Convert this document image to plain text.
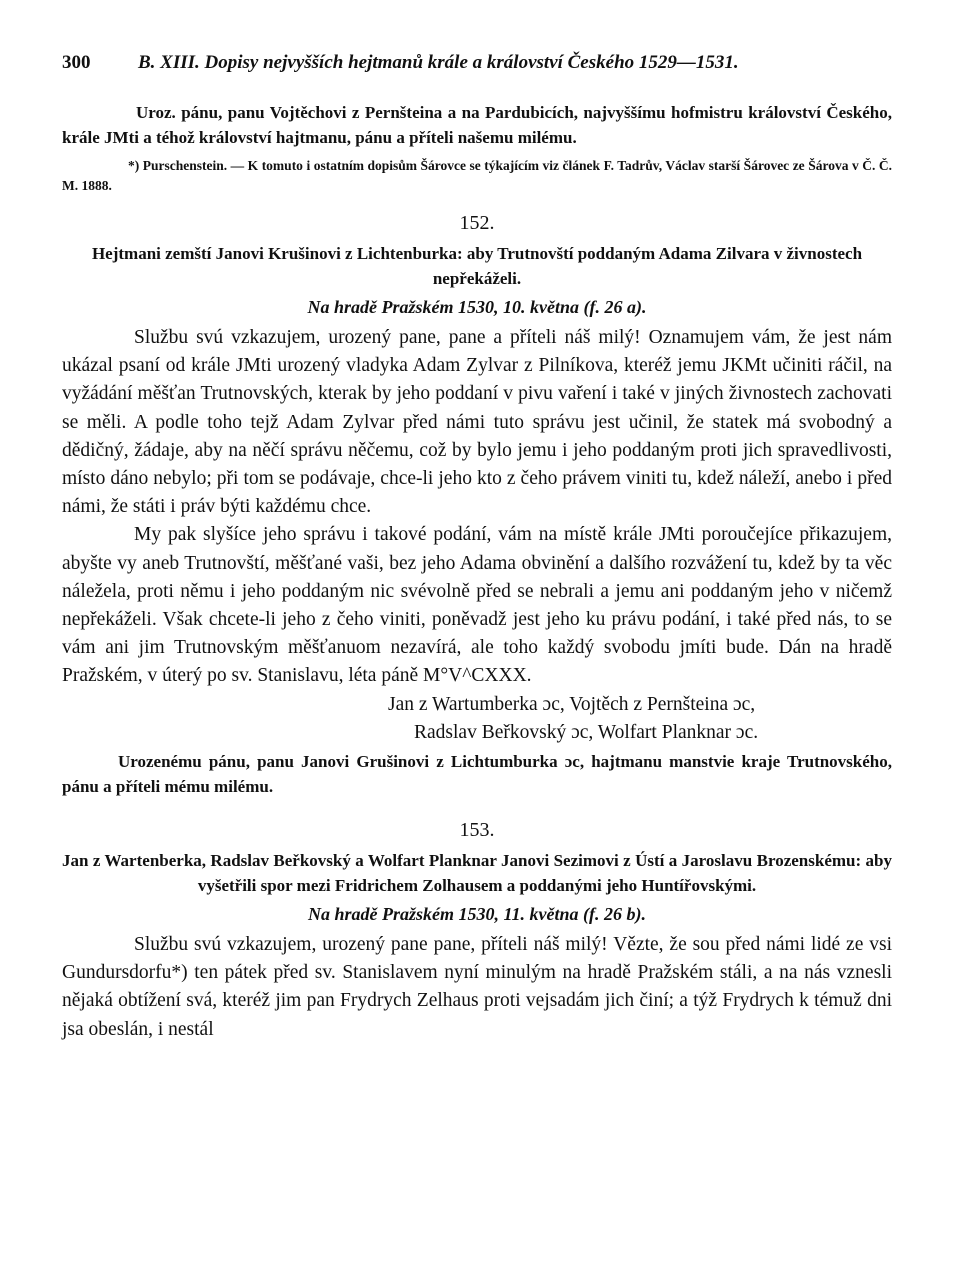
300	B. XIII. Dopisy nejvyšších hejtmanů krále a království Českého 1529—1531.

Uroz. pánu, panu Vojtěchovi z Pernšteina a na Pardubicích, najvyššímu hofmistru království Českého, krále JMti a téhož království hajtmanu, pánu a příteli našemu milému.

*) Purschenstein. — K tomuto i ostatním dopisům Šárovce se týkajícím viz článek F. Tadrův, Václav starší Šárovec ze Šárova v Č. Č. M. 1888.

152.

Hejtmani zemští Janovi Krušinovi z Lichtenburka: aby Trutnovští poddaným Adama Zilvara v živnostech nepřekáželi.

Na hradě Pražském 1530, 10. května (f. 26 a).

Službu svú vzkazujem, urozený pane, pane a příteli náš milý! Oznamujem vám, že jest nám ukázal psaní od krále JMti urozený vladyka Adam Zylvar z Pilníkova, kteréž jemu JKMt učiniti ráčil, na vyžádání měšťan Trutnovských, kterak by jeho poddaní v pivu vaření i také v jiných živnostech zachovati se měli. A podle toho tejž Adam Zylvar před námi tuto správu jest učinil, že statek má svobodný a dědičný, žádaje, aby na něčí správu něčemu, což by bylo jemu i jeho poddaným proti jich spravedlivosti, místo dáno nebylo; při tom se podávaje, chce-li jeho kto z čeho právem viniti tu, kdež náleží, anebo i před námi, že státi i práv býti každému chce.

My pak slyšíce jeho správu i takové podání, vám na místě krále JMti poroučejíce přikazujem, abyšte vy aneb Trutnovští, měšťané vaši, bez jeho Adama obvinění a dalšího rozvážení tu, kdež by ta věc náležela, proti němu i jeho poddaným nic svévolně před se nebrali a jemu ani poddaným jeho v ničemž nepřekáželi. Však chcete-li jeho z čeho viniti, poněvadž jest jeho ku právu podání, i také před nás, to se vám ani jim Trutnovským měšťanuom nezavírá, ale toho každý svobodu jmíti bude. Dán na hradě Pražském, v úterý po sv. Stanislavu, léta páně M°V^CXXX.

Jan z Wartumberka ɔc, Vojtěch z Pernšteina ɔc,
Radslav Beřkovský ɔc, Wolfart Planknar ɔc.

Urozenému pánu, panu Janovi Grušinovi z Lichtumburka ɔc, hajtmanu manstvie kraje Trutnovského, pánu a příteli mému milému.

153.

Jan z Wartenberka, Radslav Beřkovský a Wolfart Planknar Janovi Sezimovi z Ústí a Jaroslavu Brozenskému: aby vyšetřili spor mezi Fridrichem Zolhausem a poddanými jeho Huntířovskými.

Na hradě Pražském 1530, 11. května (f. 26 b).

Službu svú vzkazujem, urozený pane pane, příteli náš milý! Vězte, že sou před námi lidé ze vsi Gundursdorfu*) ten pátek před sv. Stanislavem nyní minulým na hradě Pražském stáli, a na nás vznesli nějaká obtížení svá, kteréž jim pan Frydrych Zelhaus proti vejsadám jich činí; a týž Frydrych k témuž dni jsa obeslán, i nestál
